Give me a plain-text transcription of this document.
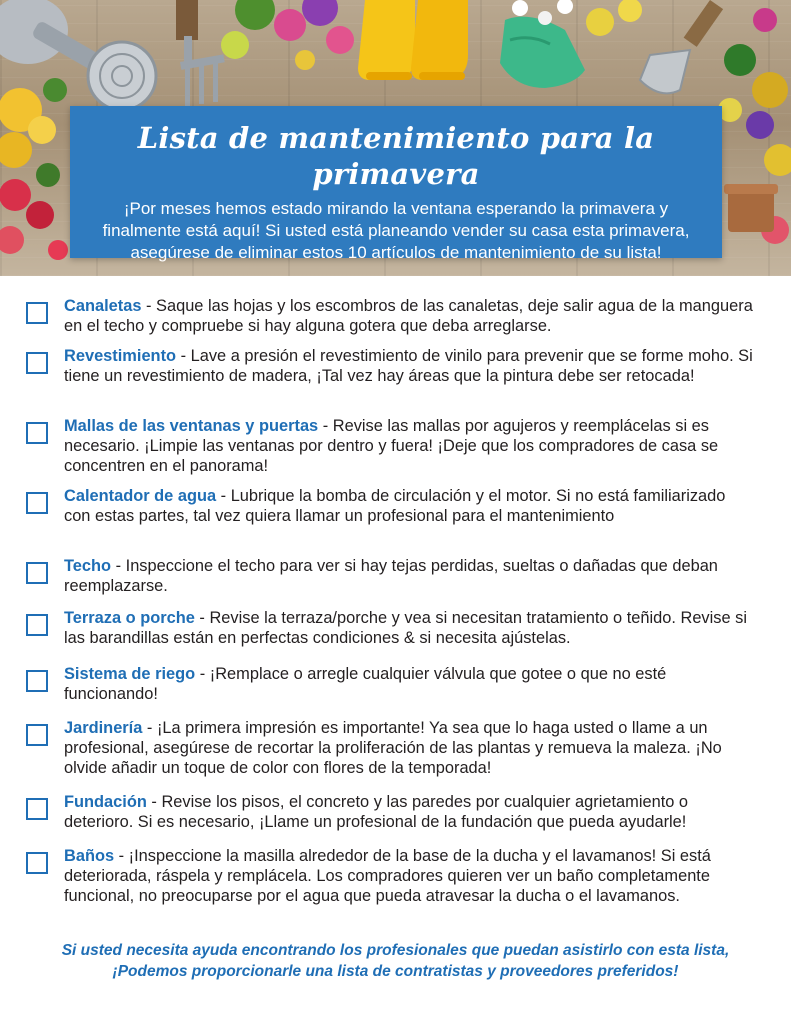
Lista de mantenimiento para la primavera
¡Por meses hemos estado mirando la ventana esperando la primavera y finalmente está aquí! Si usted está planeando vender su casa esta primavera, asegúrese de eliminar estos 10 artículos de mantenimiento de su lista!
Canaletas - Saque las hojas y los escombros de las canaletas, deje salir agua de la manguera en el techo y compruebe si hay alguna gotera que deba arreglarse.
Revestimiento - Lave a presión el revestimiento de vinilo para prevenir que se forme moho. Si tiene un revestimiento de madera, ¡Tal vez hay áreas que la pintura debe ser retocada!
Mallas de las ventanas y puertas - Revise las mallas por agujeros y reemplácelas si es necesario. ¡Limpie las ventanas por dentro y fuera! ¡Deje que los compradores de casa se concentren en el panorama!
Calentador de agua - Lubrique la bomba de circulación y el motor. Si no está familiarizado con estas partes, tal vez quiera llamar un profesional para el mantenimiento
Techo - Inspeccione el techo para ver si hay tejas perdidas, sueltas o dañadas que deban reemplazarse.
Terraza o porche - Revise la terraza/porche y vea si necesitan tratamiento o teñido. Revise si las barandillas están en perfectas condiciones & si necesita ajústelas.
Sistema de riego - ¡Remplace o arregle cualquier válvula que gotee o que no esté funcionando!
Jardinería - ¡La primera impresión es importante! Ya sea que lo haga usted o llame a un profesional, asegúrese de recortar la proliferación de las plantas y remueva la maleza. ¡No olvide añadir un toque de color con flores de la temporada!
Fundación - Revise los pisos, el concreto y las paredes por cualquier agrietamiento o deterioro. Si es necesario, ¡Llame un profesional de la fundación que pueda ayudarle!
Baños - ¡Inspeccione la masilla alrededor de la base de la ducha y el lavamanos! Si está deteriorada, ráspela y remplácela. Los compradores quieren ver un baño completamente funcional, no preocuparse por el agua que pueda atravesar la ducha o el lavamanos.
Si usted necesita ayuda encontrando los profesionales que puedan asistirlo con esta lista,
¡Podemos proporcionarle una lista de contratistas y proveedores preferidos!
